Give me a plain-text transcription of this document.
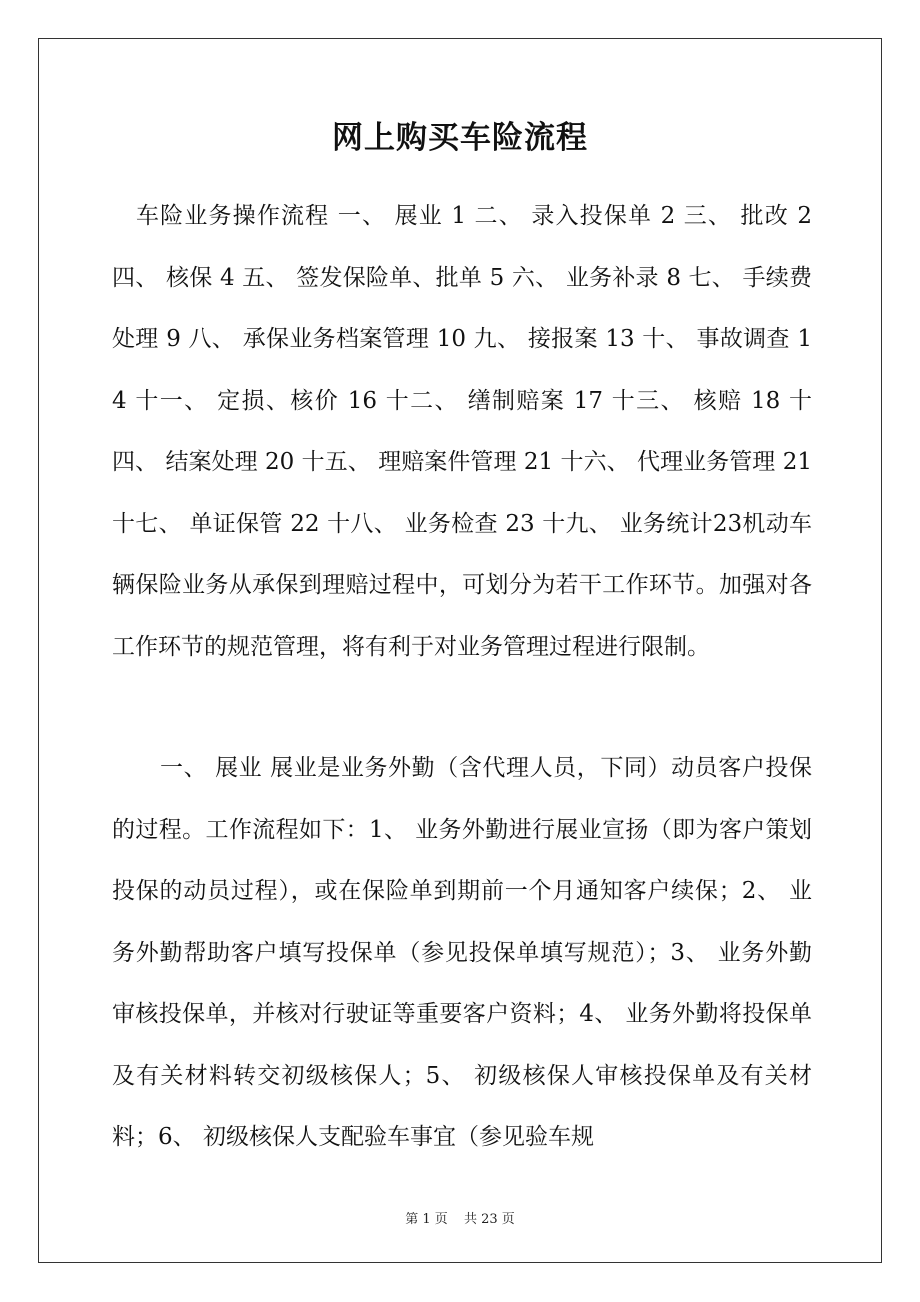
网上购买车险流程

车险业务操作流程 一、 展业 1 二、 录入投保单 2 三、 批改 2 四、 核保 4 五、 签发保险单、批单 5 六、 业务补录 8 七、 手续费处理 9 八、 承保业务档案管理 10 九、 接报案 13 十、 事故调查 14 十一、 定损、核价 16 十二、 缮制赔案 17 十三、 核赔 18 十四、 结案处理 20 十五、 理赔案件管理 21 十六、 代理业务管理 21 十七、 单证保管 22 十八、 业务检查 23 十九、 业务统计23机动车辆保险业务从承保到理赔过程中，可划分为若干工作环节。加强对各工作环节的规范管理，将有利于对业务管理过程进行限制。

一、 展业 展业是业务外勤（含代理人员，下同）动员客户投保的过程。工作流程如下：1、 业务外勤进行展业宣扬（即为客户策划投保的动员过程），或在保险单到期前一个月通知客户续保；2、 业务外勤帮助客户填写投保单（参见投保单填写规范）；3、 业务外勤审核投保单，并核对行驶证等重要客户资料；4、 业务外勤将投保单及有关材料转交初级核保人；5、 初级核保人审核投保单及有关材料；6、 初级核保人支配验车事宜（参见验车规

第 1 页 共 23 页
